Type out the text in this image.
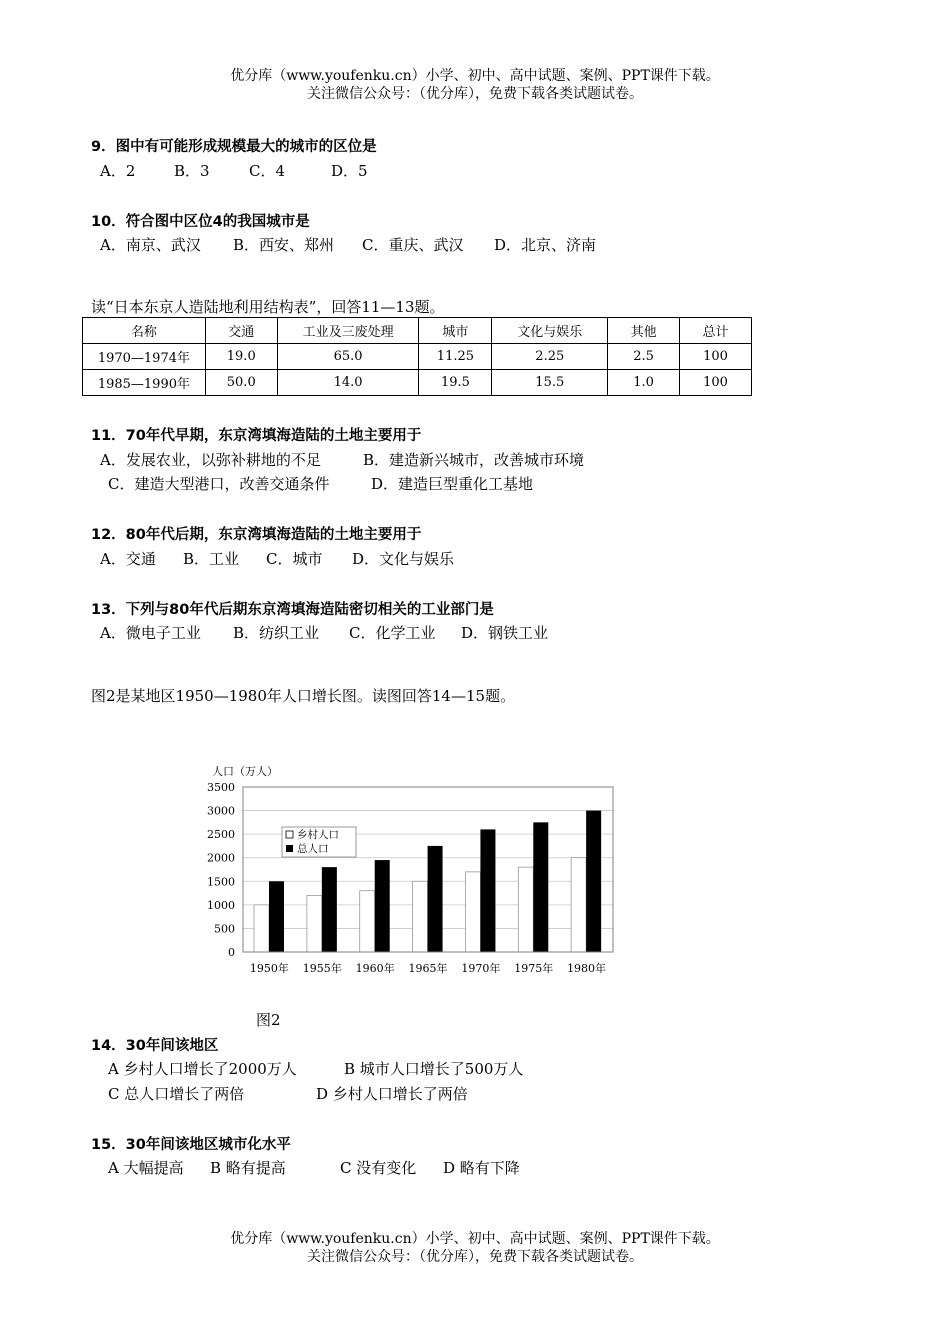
优分库（www.youfenku.cn）小学、初中、高中试题、案例、PPT课件下载。
关注微信公众号：（优分库），免费下载各类试题试卷。
9．图中有可能形成规模最大的城市的区位是
A．2	B．3	C．4	D．5
10．符合图中区位4的我国城市是
A．南京、武汉 B．西安、郑州 C．重庆、武汉 D．北京、济南
读“日本东京人造陆地利用结构表”，回答11—13题。
名称	交通	工业及三废处理	城市	文化与娱乐	其他	总计
1970—1974年	19.0	65.0	11.25	2.25	2.5	100
1985—1990年	50.0	14.0	19.5	15.5	1.0	100
11．70年代早期，东京湾填海造陆的土地主要用于
A．发展农业，以弥补耕地的不足	B．建造新兴城市，改善城市环境
C．建造大型港口，改善交通条件	D．建造巨型重化工基地
12．80年代后期，东京湾填海造陆的土地主要用于
A．交通 B．工业 C．城市 D．文化与娱乐
13．下列与80年代后期东京湾填海造陆密切相关的工业部门是
A．微电子工业 B．纺织工业 C．化学工业 D．钢铁工业
图2是某地区1950—1980年人口增长图。读图回答14—15题。
人口（万人）
3500
3000
2500
2000
1500
1000
500
0
1950年 1955年 1960年 1965年 1970年 1975年 1980年
乡村人口
总人口
图2
14．30年间该地区
A 乡村人口增长了2000万人	B 城市人口增长了500万人
C 总人口增长了两倍	D 乡村人口增长了两倍
15．30年间该地区城市化水平
A 大幅提高 B 略有提高	C 没有变化 D 略有下降
优分库（www.youfenku.cn）小学、初中、高中试题、案例、PPT课件下载。
关注微信公众号：（优分库），免费下载各类试题试卷。
